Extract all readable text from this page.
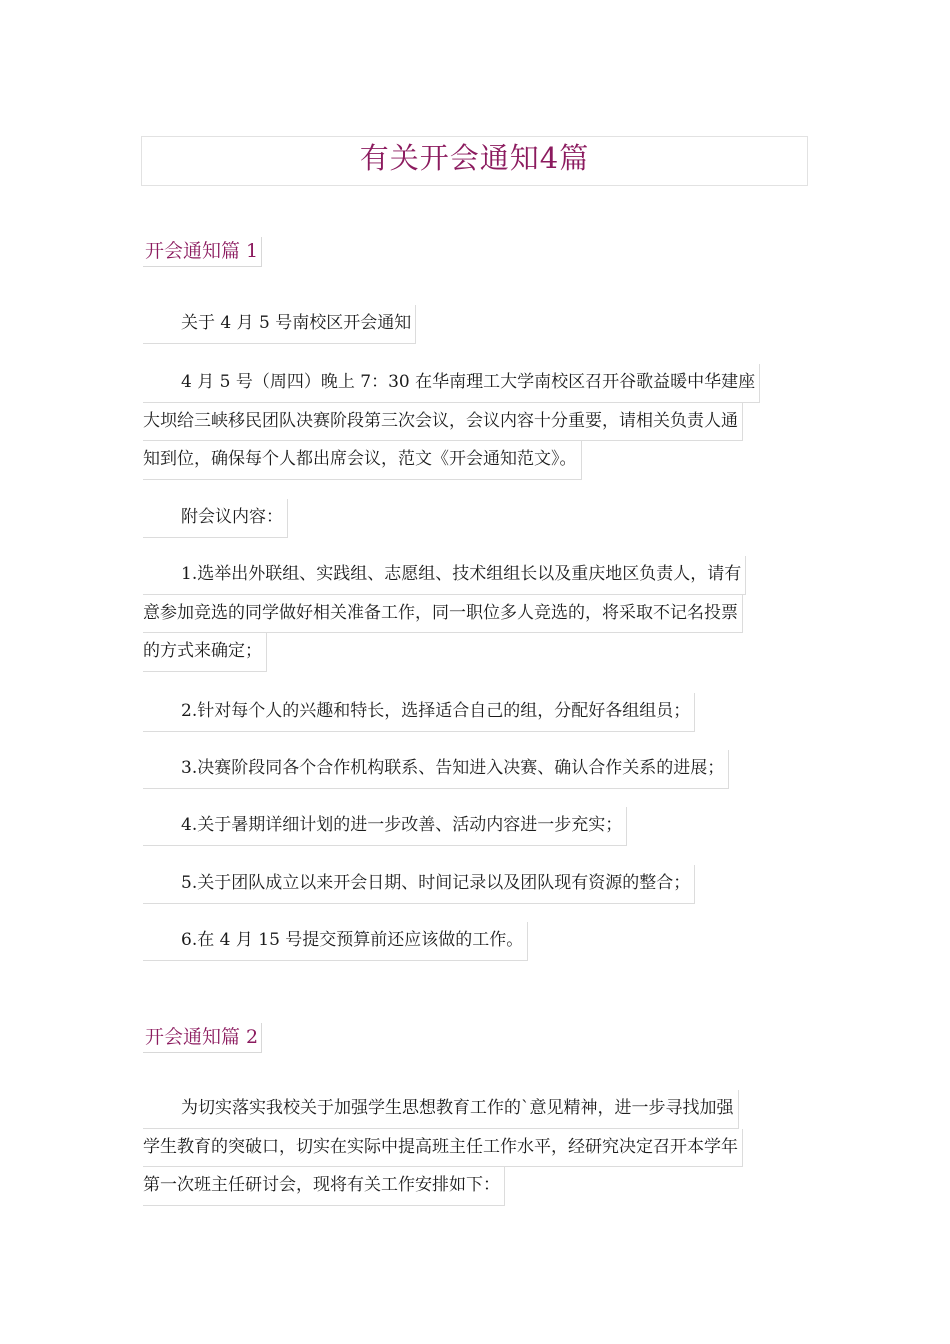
有关开会通知4篇
开会通知篇 1
关于 4 月 5 号南校区开会通知
4 月 5 号（周四）晚上 7：30 在华南理工大学南校区召开谷歌益暖中华建座
大坝给三峡移民团队决赛阶段第三次会议，会议内容十分重要，请相关负责人通
知到位，确保每个人都出席会议，范文《开会通知范文》。
附会议内容：
1.选举出外联组、实践组、志愿组、技术组组长以及重庆地区负责人，请有
意参加竞选的同学做好相关准备工作，同一职位多人竞选的，将采取不记名投票
的方式来确定；
2.针对每个人的兴趣和特长，选择适合自己的组，分配好各组组员；
3.决赛阶段同各个合作机构联系、告知进入决赛、确认合作关系的进展；
4.关于暑期详细计划的进一步改善、活动内容进一步充实；
5.关于团队成立以来开会日期、时间记录以及团队现有资源的整合；
6.在 4 月 15 号提交预算前还应该做的工作。
开会通知篇 2
为切实落实我校关于加强学生思想教育工作的`意见精神，进一步寻找加强
学生教育的突破口，切实在实际中提高班主任工作水平，经研究决定召开本学年
第一次班主任研讨会，现将有关工作安排如下：
